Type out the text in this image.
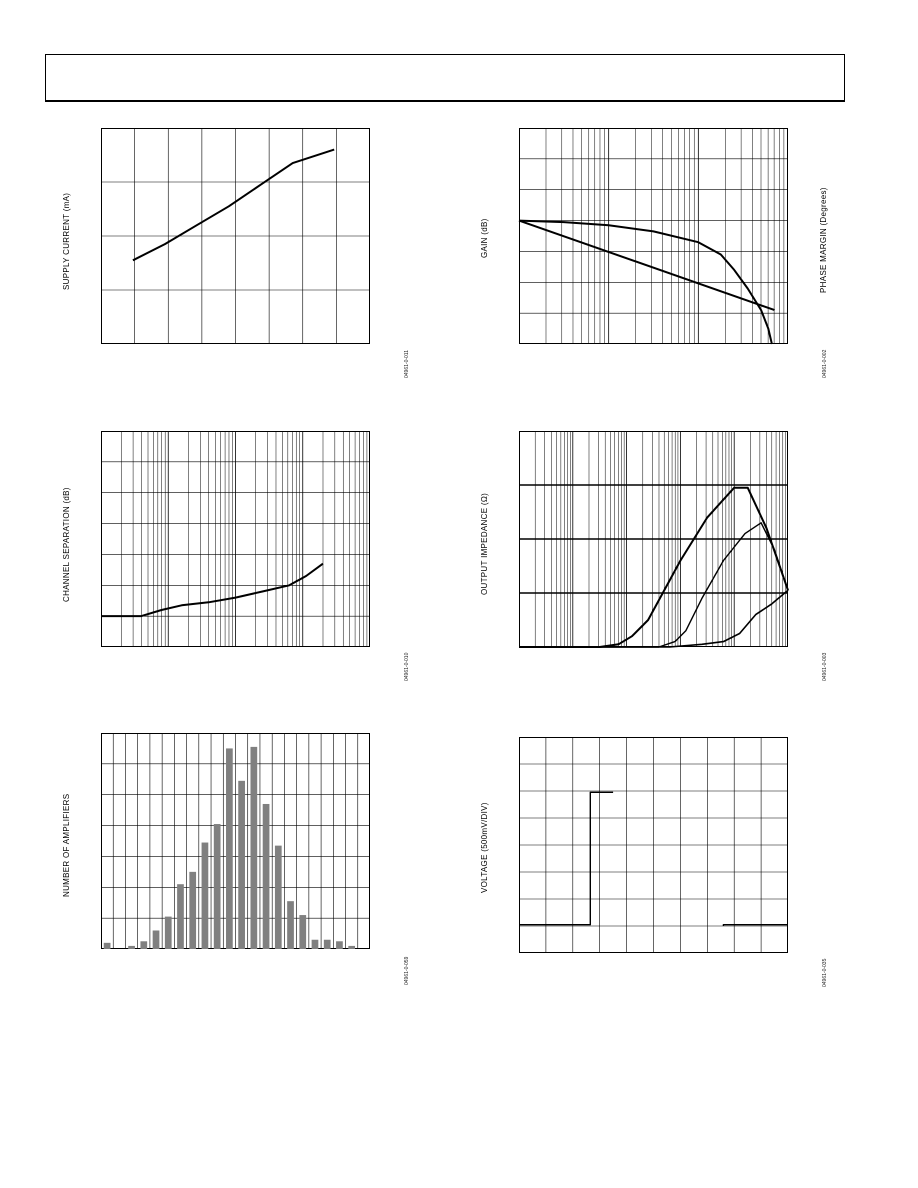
SUPPLY CURRENT (mA)
04961-0-011
GAIN (dB)	PHASE MARGIN (Degrees)
04961-0-002
CHANNEL SEPARATION (dB)
04961-0-010
OUTPUT IMPEDANCE (Ω)
04961-0-003
NUMBER OF AMPLIFIERS
04961-0-059
VOLTAGE (500mV/DIV)
04961-0-035
